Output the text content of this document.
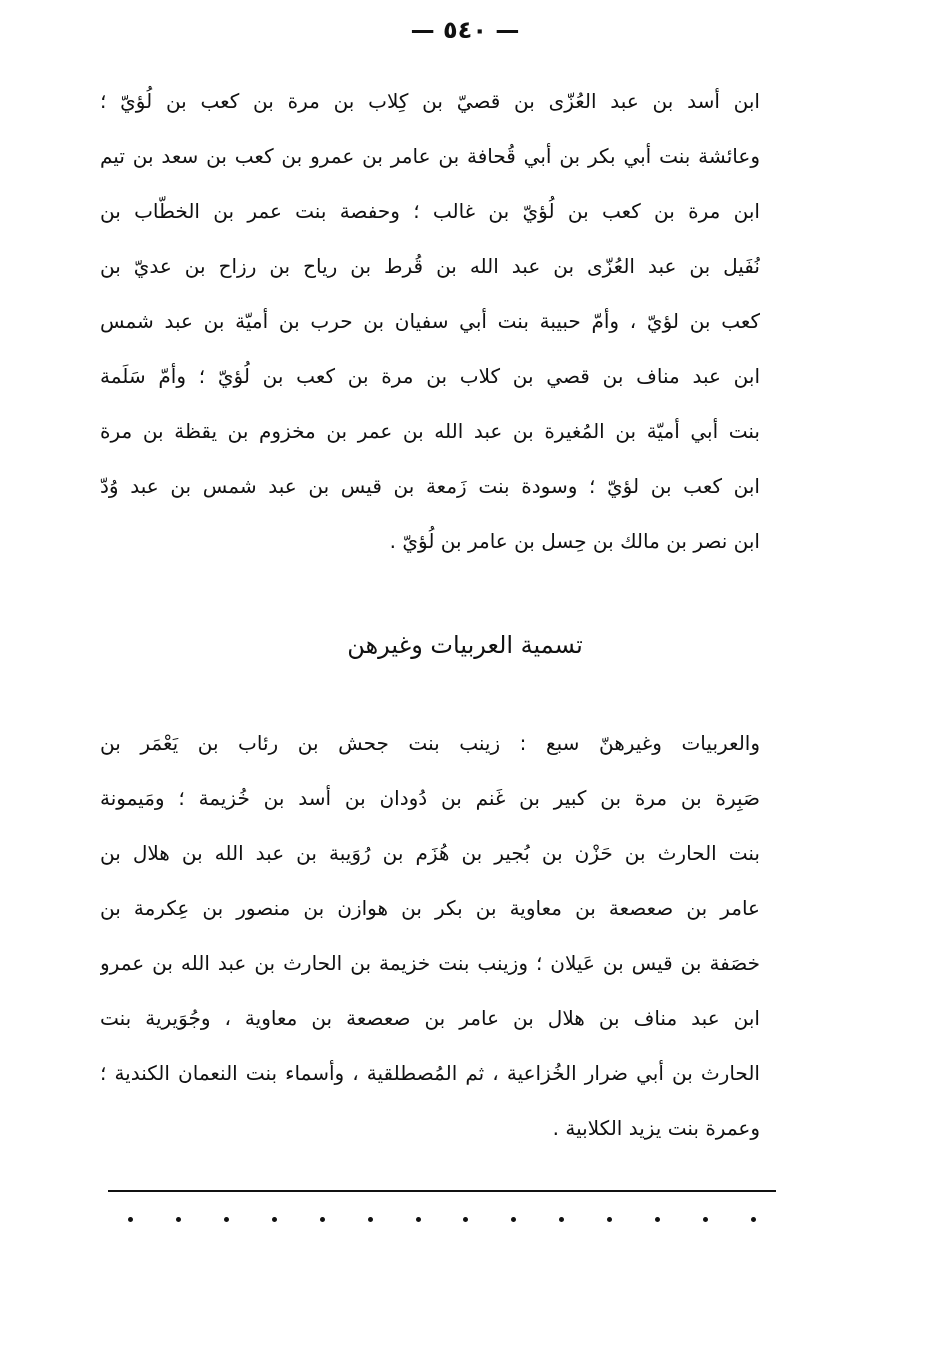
— ٥٤٠ —
ابن أسد بن عبد العُزّى بن قصيّ بن كِلاب بن مرة بن كعب بن لُؤيّ ؛
وعائشة بنت أبي بكر بن أبي قُحافة بن عامر بن عمرو بن كعب بن سعد بن تيم
ابن مرة بن كعب بن لُؤيّ بن غالب ؛ وحفصة بنت عمر بن الخطّاب بن
نُفَيل بن عبد العُزّى بن عبد الله بن قُرط بن رياح بن رزاح بن عديّ بن
كعب بن لؤيّ ، وأمّ حبيبة بنت أبي سفيان بن حرب بن أميّة بن عبد شمس
ابن عبد مناف بن قصي بن كلاب بن مرة بن كعب بن لُؤيّ ؛ وأمّ سَلَمة
بنت أبي أميّة بن المُغيرة بن عبد الله بن عمر بن مخزوم بن يقظة بن مرة
ابن كعب بن لؤيّ ؛ وسودة بنت زَمعة بن قيس بن عبد شمس بن عبد وُدّ
ابن نصر بن مالك بن حِسل بن عامر بن لُؤيّ .
تسمية العربيات وغيرهن
والعربيات وغيرهنّ سبع : زينب بنت جحش بن رئاب بن يَعْمَر بن
صَبِرة بن مرة بن كبير بن غَنم بن دُودان بن أسد بن خُزيمة ؛ ومَيمونة
بنت الحارث بن حَزْن بن بُجير بن هُزَم بن رُوَيبة بن عبد الله بن هلال بن
عامر بن صعصعة بن معاوية بن بكر بن هوازن بن منصور بن عِكرمة بن
خصَفة بن قيس بن عَيلان ؛ وزينب بنت خزيمة بن الحارث بن عبد الله بن عمرو
ابن عبد مناف بن هلال بن عامر بن صعصعة بن معاوية ، وجُوَيرية بنت
الحارث بن أبي ضرار الخُزاعية ، ثم المُصطلقية ، وأسماء بنت النعمان الكندية ؛
وعمرة بنت يزيد الكلابية .
